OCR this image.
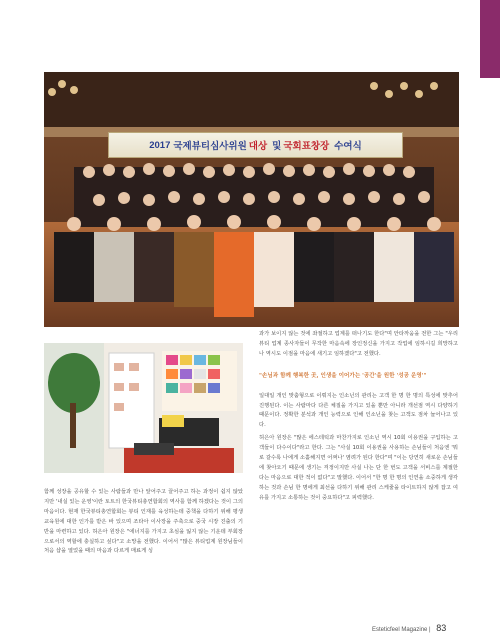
2017 국제뷰티심사위원 대상 및 국회표창장 수여식

함께 성장을 공유할 수 있는 사람들과 만나 앞어주고 끌어주고 하는 과정이 쉽지 않았지만 '내실 있는 운영'이란 토트의 한국뷰티총연합회의 역사를 함께 하겠다는 것이 그의 마음이다. 현재 한국뷰티총연합회는 뷰티 인재를 육성하는데 중책을 다하기 위해 평생교육원에 대한 인가를 받은 바 있으며 조타아 이사장을 주축으로 중국 시장 진출의 기반을 마련하고 있다. 허은아 원장은 "에너지를 가지고 초심을 잃지 않는 기운데 부회장으로서의 역할에 충실하고 싶다"고 소망을 전했다. 이어서 "많은 뷰티업계 원장님들이 처음 샵을 열었을 때의 마음과 다르게 매료게 싱

과가 보이지 않는 것에 좌절하고 업계를 떠나기도 한다"며 안타까움을 전한 그는 "우리 뷰티 업계 종사자들이 무작한 마음속에 장인정신을 가지고 작업에 임하시길 희망하고 나 역시도 이점을 마음에 새기고 임하겠다"고 전했다.

"손님과 함께 행복한 곳, 인생을 이어가는 '공간'을 원한 '성공 운영'"

일대일 개인 맞춤형으로 이뤄지는 인소닌의 관리는 고객 한 명 한 명의 특성에 맞추어 진행된다. 이는 사람마다 다른 체질을 가지고 있을 뿐만 아니라 개선점 역시 다양하기 때문이다. 정확한 분석과 개인 능력으로 인해 인소닌을 찾는 고객도 점차 늘어나고 있다.

허은아 원장은 "많은 에스테틱과 마찬가지로 인소닌 역시 10회 이용권을 구입하는 고객들이 다수이다"라고 한다. 그는 "사실 10회 이용권을 사용하는 손님들이 처음엔 '뭐로 갈수록 나에게 소홀해지면 어쩌나' 염려가 된다 한다"며 "이는 당연히 새로운 손님들에 찾아오기 때문에 생기는 걱정이지만 사실 나는 단 한 번도 고객을 서비스를 계절한다는 마음으로 대한 적이 없다"고 말했다. 이어서 "한 명 한 명의 인연을 소중하게 생각하는 것과 손님 한 명에게 최선을 다하기 위해 관리 스케줄을 타이트하지 않게 잡고 여유를 가지고 소통하는 것이 중요하다"고 피력했다.

Esteticfeel Magazine | 83
